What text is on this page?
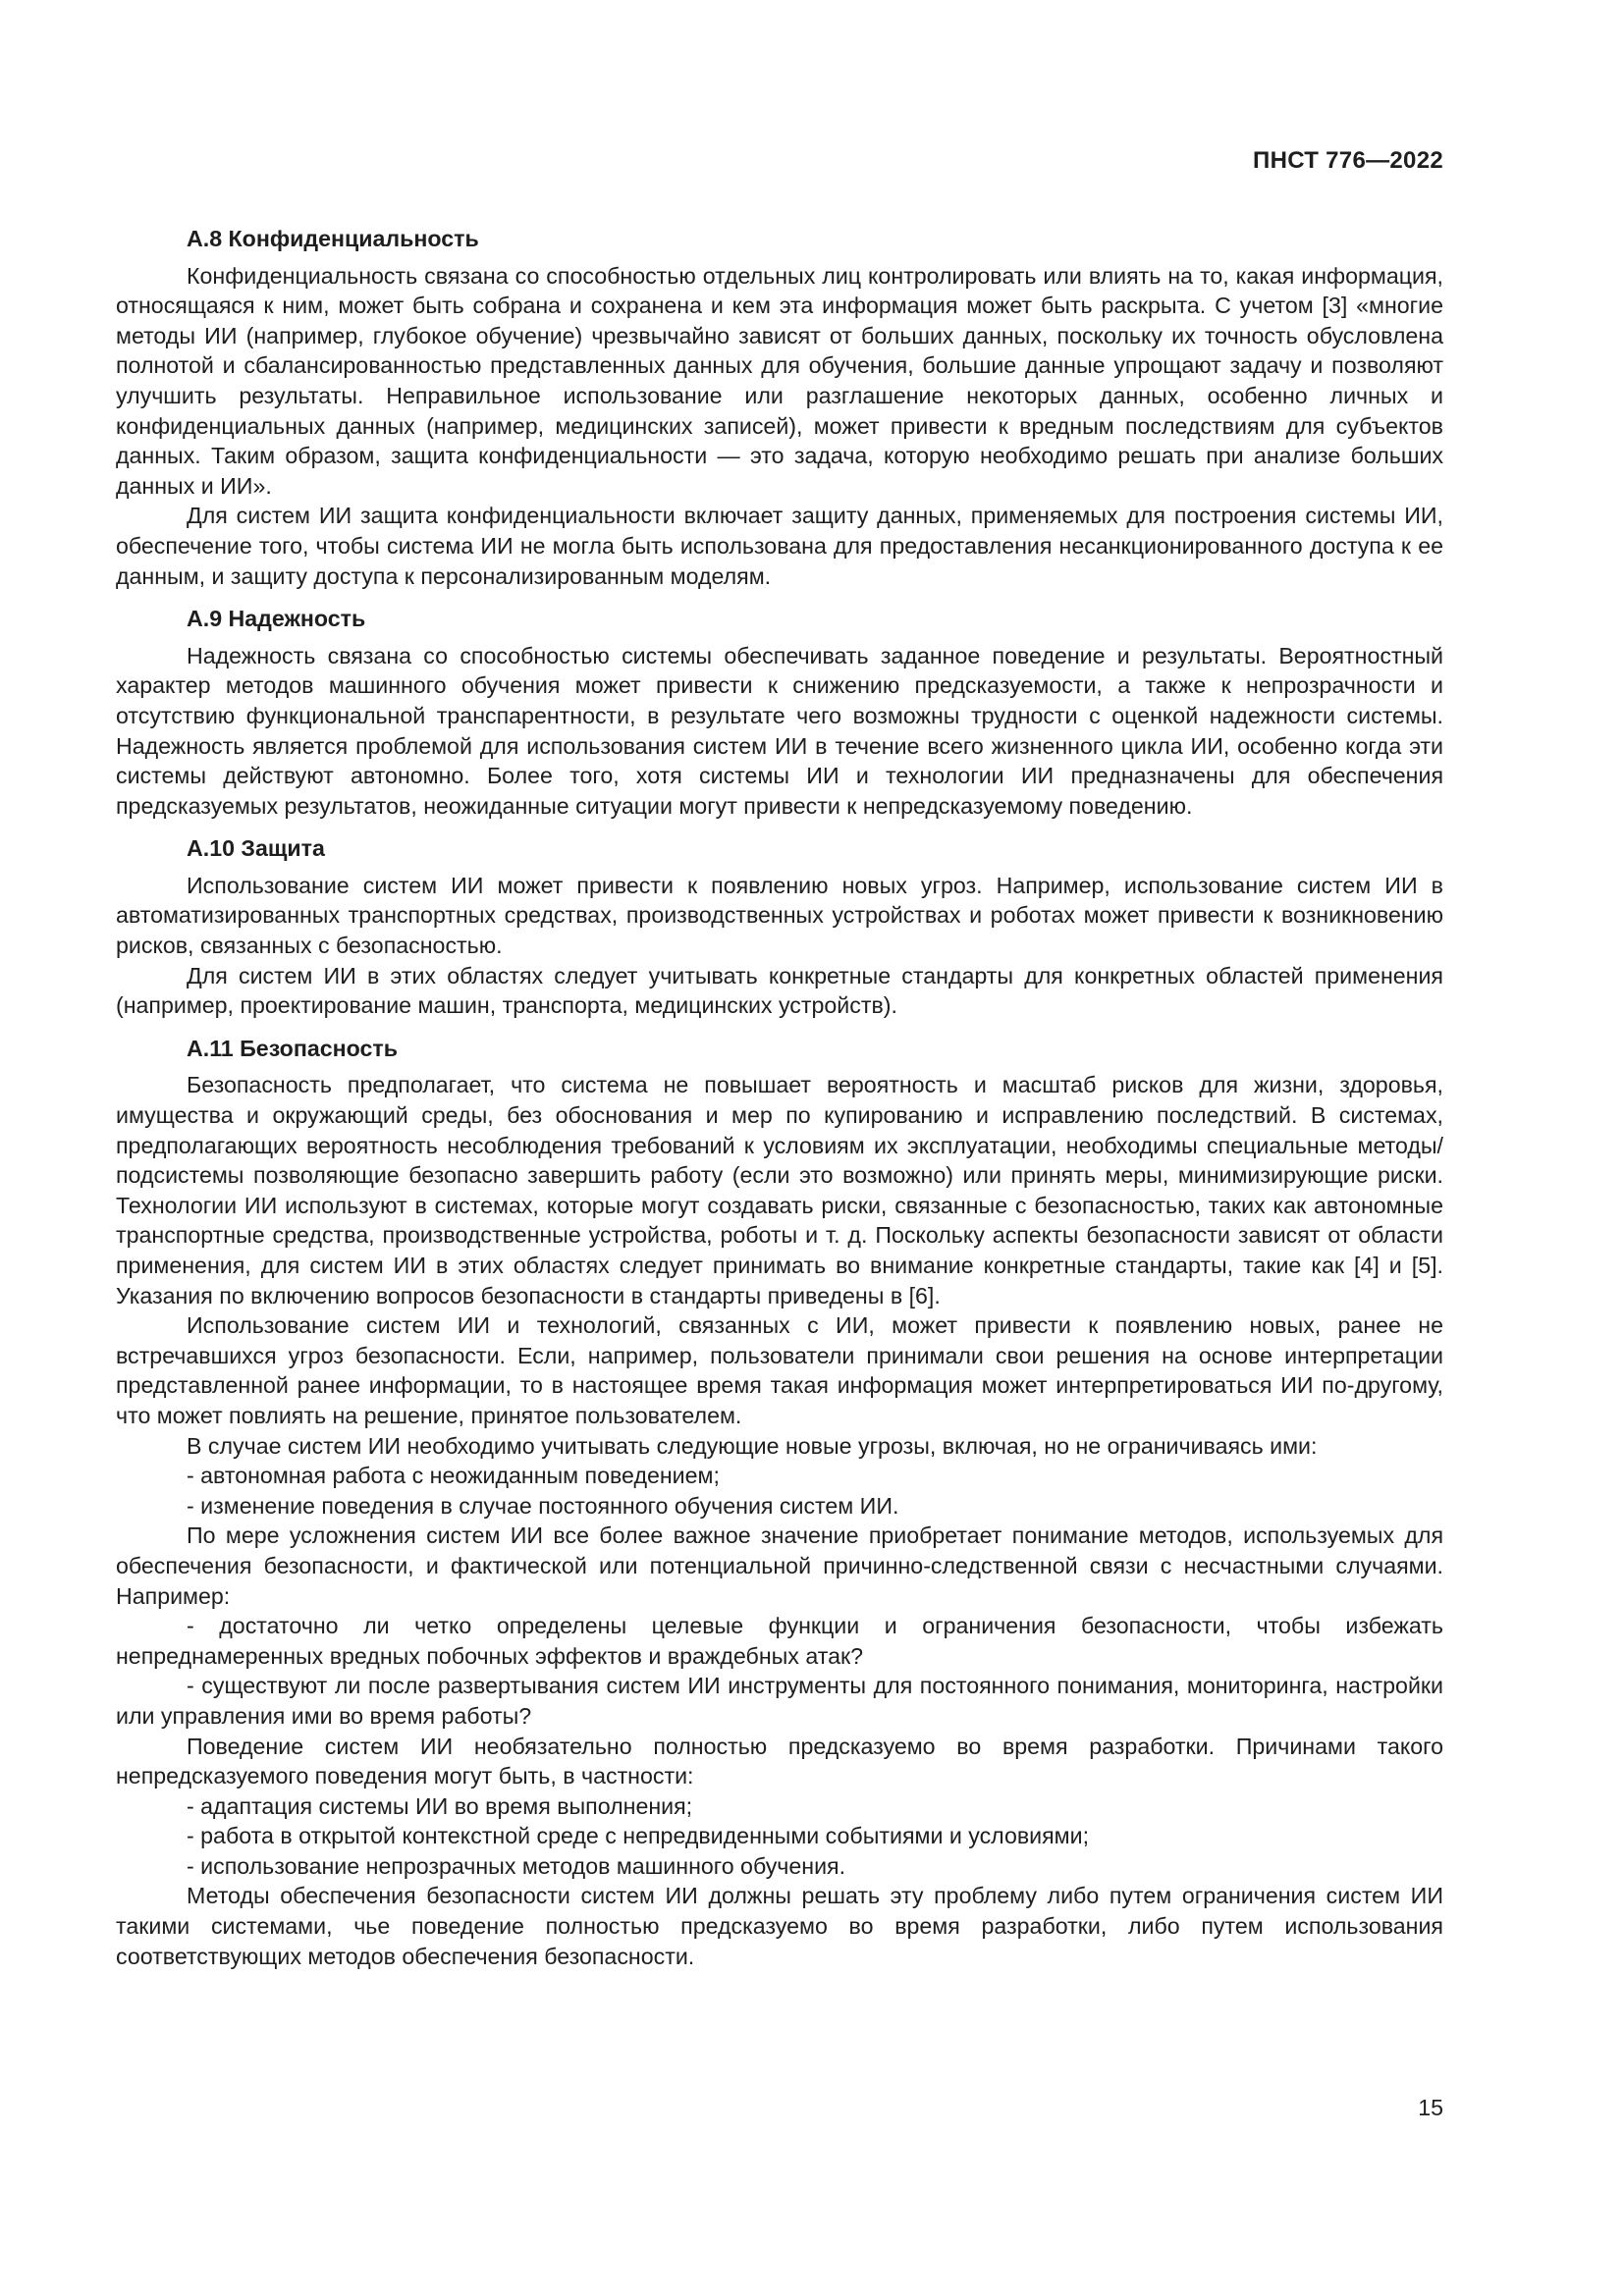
ПНСТ 776—2022
А.8 Конфиденциальность

Конфиденциальность связана со способностью отдельных лиц контролировать или влиять на то, какая информация, относящаяся к ним, может быть собрана и сохранена и кем эта информация может быть раскрыта. С учетом [3] «многие методы ИИ (например, глубокое обучение) чрезвычайно зависят от больших данных, поскольку их точность обусловлена полнотой и сбалансированностью представленных данных для обучения, большие данные упрощают задачу и позволяют улучшить результаты. Неправильное использование или разглашение некоторых данных, особенно личных и конфиденциальных данных (например, медицинских записей), может привести к вредным последствиям для субъектов данных. Таким образом, защита конфиденциальности — это задача, которую необходимо решать при анализе больших данных и ИИ».

Для систем ИИ защита конфиденциальности включает защиту данных, применяемых для построения системы ИИ, обеспечение того, чтобы система ИИ не могла быть использована для предоставления несанкционированного доступа к ее данным, и защиту доступа к персонализированным моделям.

А.9 Надежность

Надежность связана со способностью системы обеспечивать заданное поведение и результаты. Вероятностный характер методов машинного обучения может привести к снижению предсказуемости, а также к непрозрачности и отсутствию функциональной транспарентности, в результате чего возможны трудности с оценкой надежности системы. Надежность является проблемой для использования систем ИИ в течение всего жизненного цикла ИИ, особенно когда эти системы действуют автономно. Более того, хотя системы ИИ и технологии ИИ предназначены для обеспечения предсказуемых результатов, неожиданные ситуации могут привести к непредсказуемому поведению.

А.10 Защита

Использование систем ИИ может привести к появлению новых угроз. Например, использование систем ИИ в автоматизированных транспортных средствах, производственных устройствах и роботах может привести к возникновению рисков, связанных с безопасностью.

Для систем ИИ в этих областях следует учитывать конкретные стандарты для конкретных областей применения (например, проектирование машин, транспорта, медицинских устройств).

А.11 Безопасность

Безопасность предполагает, что система не повышает вероятность и масштаб рисков для жизни, здоровья, имущества и окружающий среды, без обоснования и мер по купированию и исправлению последствий. В системах, предполагающих вероятность несоблюдения требований к условиям их эксплуатации, необходимы специальные методы/подсистемы позволяющие безопасно завершить работу (если это возможно) или принять меры, минимизирующие риски. Технологии ИИ используют в системах, которые могут создавать риски, связанные с безопасностью, таких как автономные транспортные средства, производственные устройства, роботы и т. д. Поскольку аспекты безопасности зависят от области применения, для систем ИИ в этих областях следует принимать во внимание конкретные стандарты, такие как [4] и [5]. Указания по включению вопросов безопасности в стандарты приведены в [6].

Использование систем ИИ и технологий, связанных с ИИ, может привести к появлению новых, ранее не встречавшихся угроз безопасности. Если, например, пользователи принимали свои решения на основе интерпретации представленной ранее информации, то в настоящее время такая информация может интерпретироваться ИИ по-другому, что может повлиять на решение, принятое пользователем.

В случае систем ИИ необходимо учитывать следующие новые угрозы, включая, но не ограничиваясь ими:

- автономная работа с неожиданным поведением;

- изменение поведения в случае постоянного обучения систем ИИ.

По мере усложнения систем ИИ все более важное значение приобретает понимание методов, используемых для обеспечения безопасности, и фактической или потенциальной причинно-следственной связи с несчастными случаями. Например:

- достаточно ли четко определены целевые функции и ограничения безопасности, чтобы избежать непреднамеренных вредных побочных эффектов и враждебных атак?

- существуют ли после развертывания систем ИИ инструменты для постоянного понимания, мониторинга, настройки или управления ими во время работы?

Поведение систем ИИ необязательно полностью предсказуемо во время разработки. Причинами такого непредсказуемого поведения могут быть, в частности:

- адаптация системы ИИ во время выполнения;

- работа в открытой контекстной среде с непредвиденными событиями и условиями;

- использование непрозрачных методов машинного обучения.

Методы обеспечения безопасности систем ИИ должны решать эту проблему либо путем ограничения систем ИИ такими системами, чье поведение полностью предсказуемо во время разработки, либо путем использования соответствующих методов обеспечения безопасности.

15
